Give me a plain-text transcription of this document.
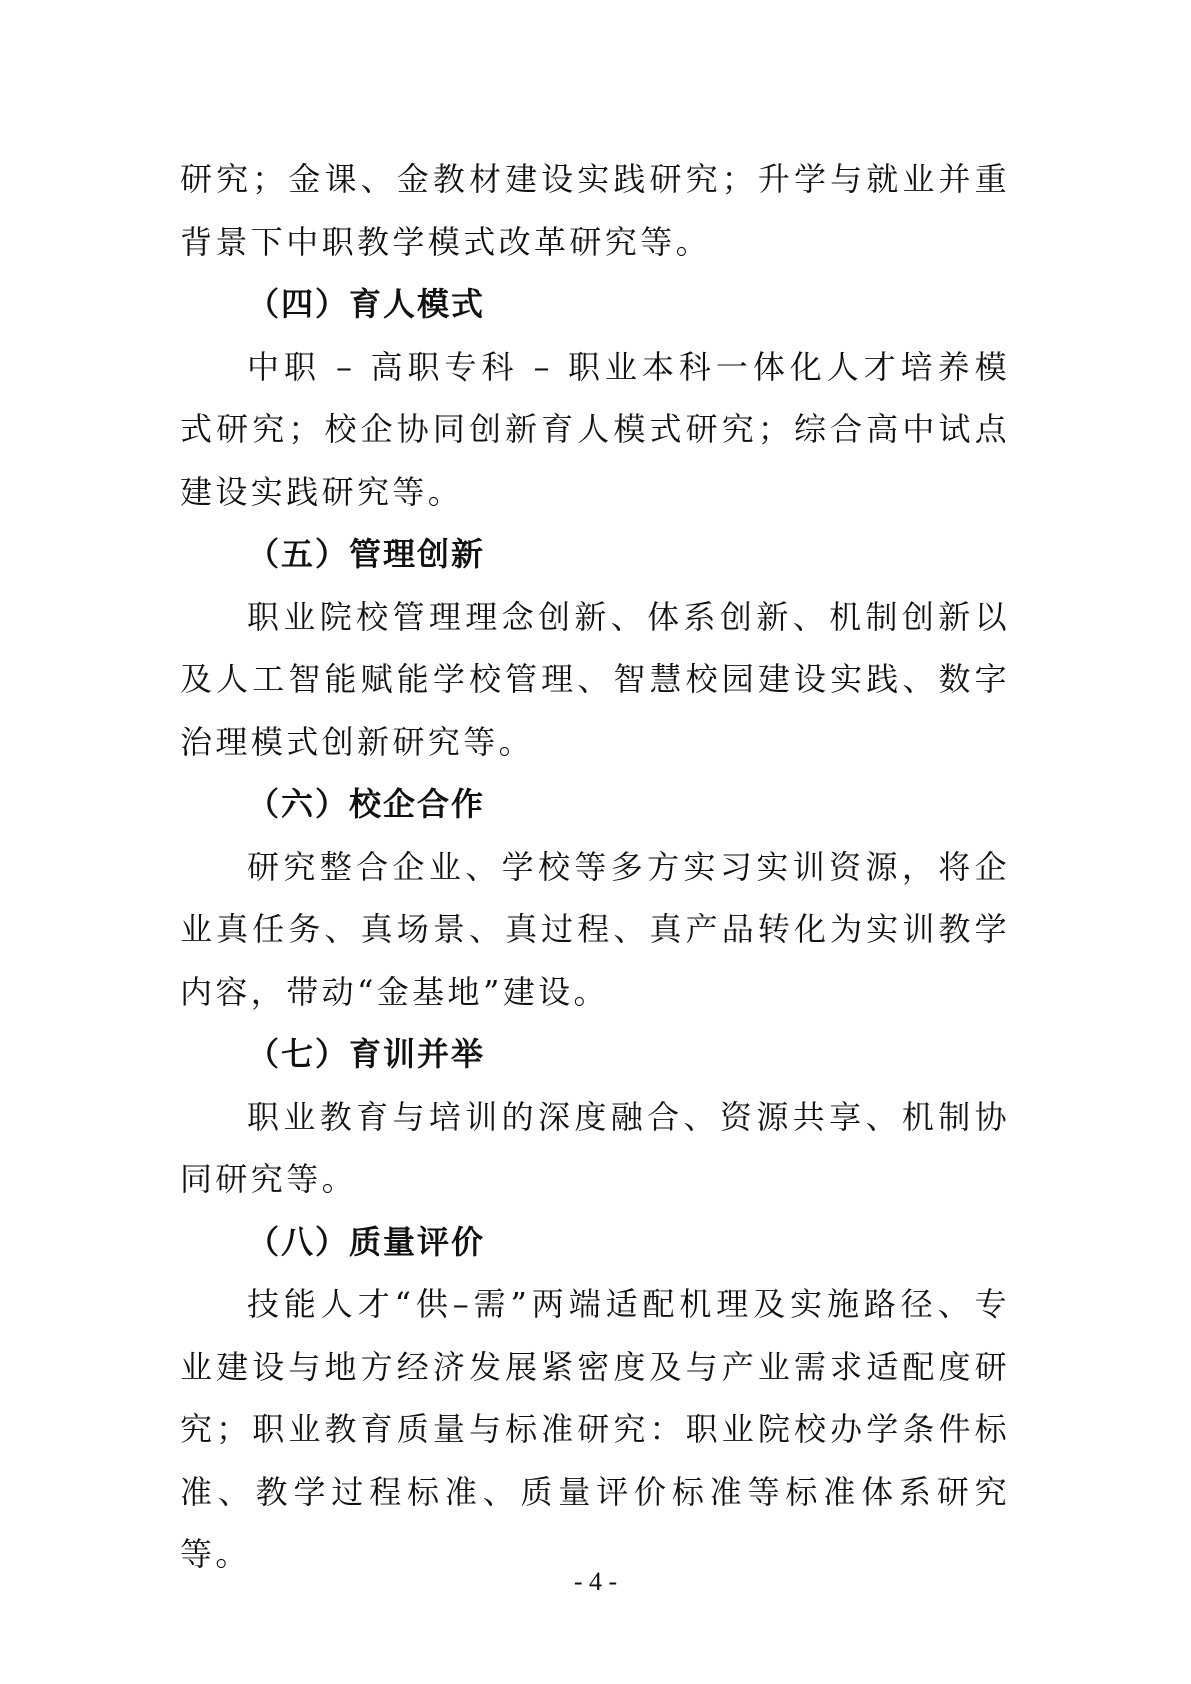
研究；金课、金教材建设实践研究；升学与就业并重背景下中职教学模式改革研究等。

（四）育人模式

中职 – 高职专科 – 职业本科一体化人才培养模式研究；校企协同创新育人模式研究；综合高中试点建设实践研究等。

（五）管理创新

职业院校管理理念创新、体系创新、机制创新以及人工智能赋能学校管理、智慧校园建设实践、数字治理模式创新研究等。

（六）校企合作

研究整合企业、学校等多方实习实训资源，将企业真任务、真场景、真过程、真产品转化为实训教学内容，带动“金基地”建设。

（七）育训并举

职业教育与培训的深度融合、资源共享、机制协同研究等。

（八）质量评价

技能人才“供–需”两端适配机理及实施路径、专业建设与地方经济发展紧密度及与产业需求适配度研究；职业教育质量与标准研究：职业院校办学条件标准、教学过程标准、质量评价标准等标准体系研究等。

- 4 -
